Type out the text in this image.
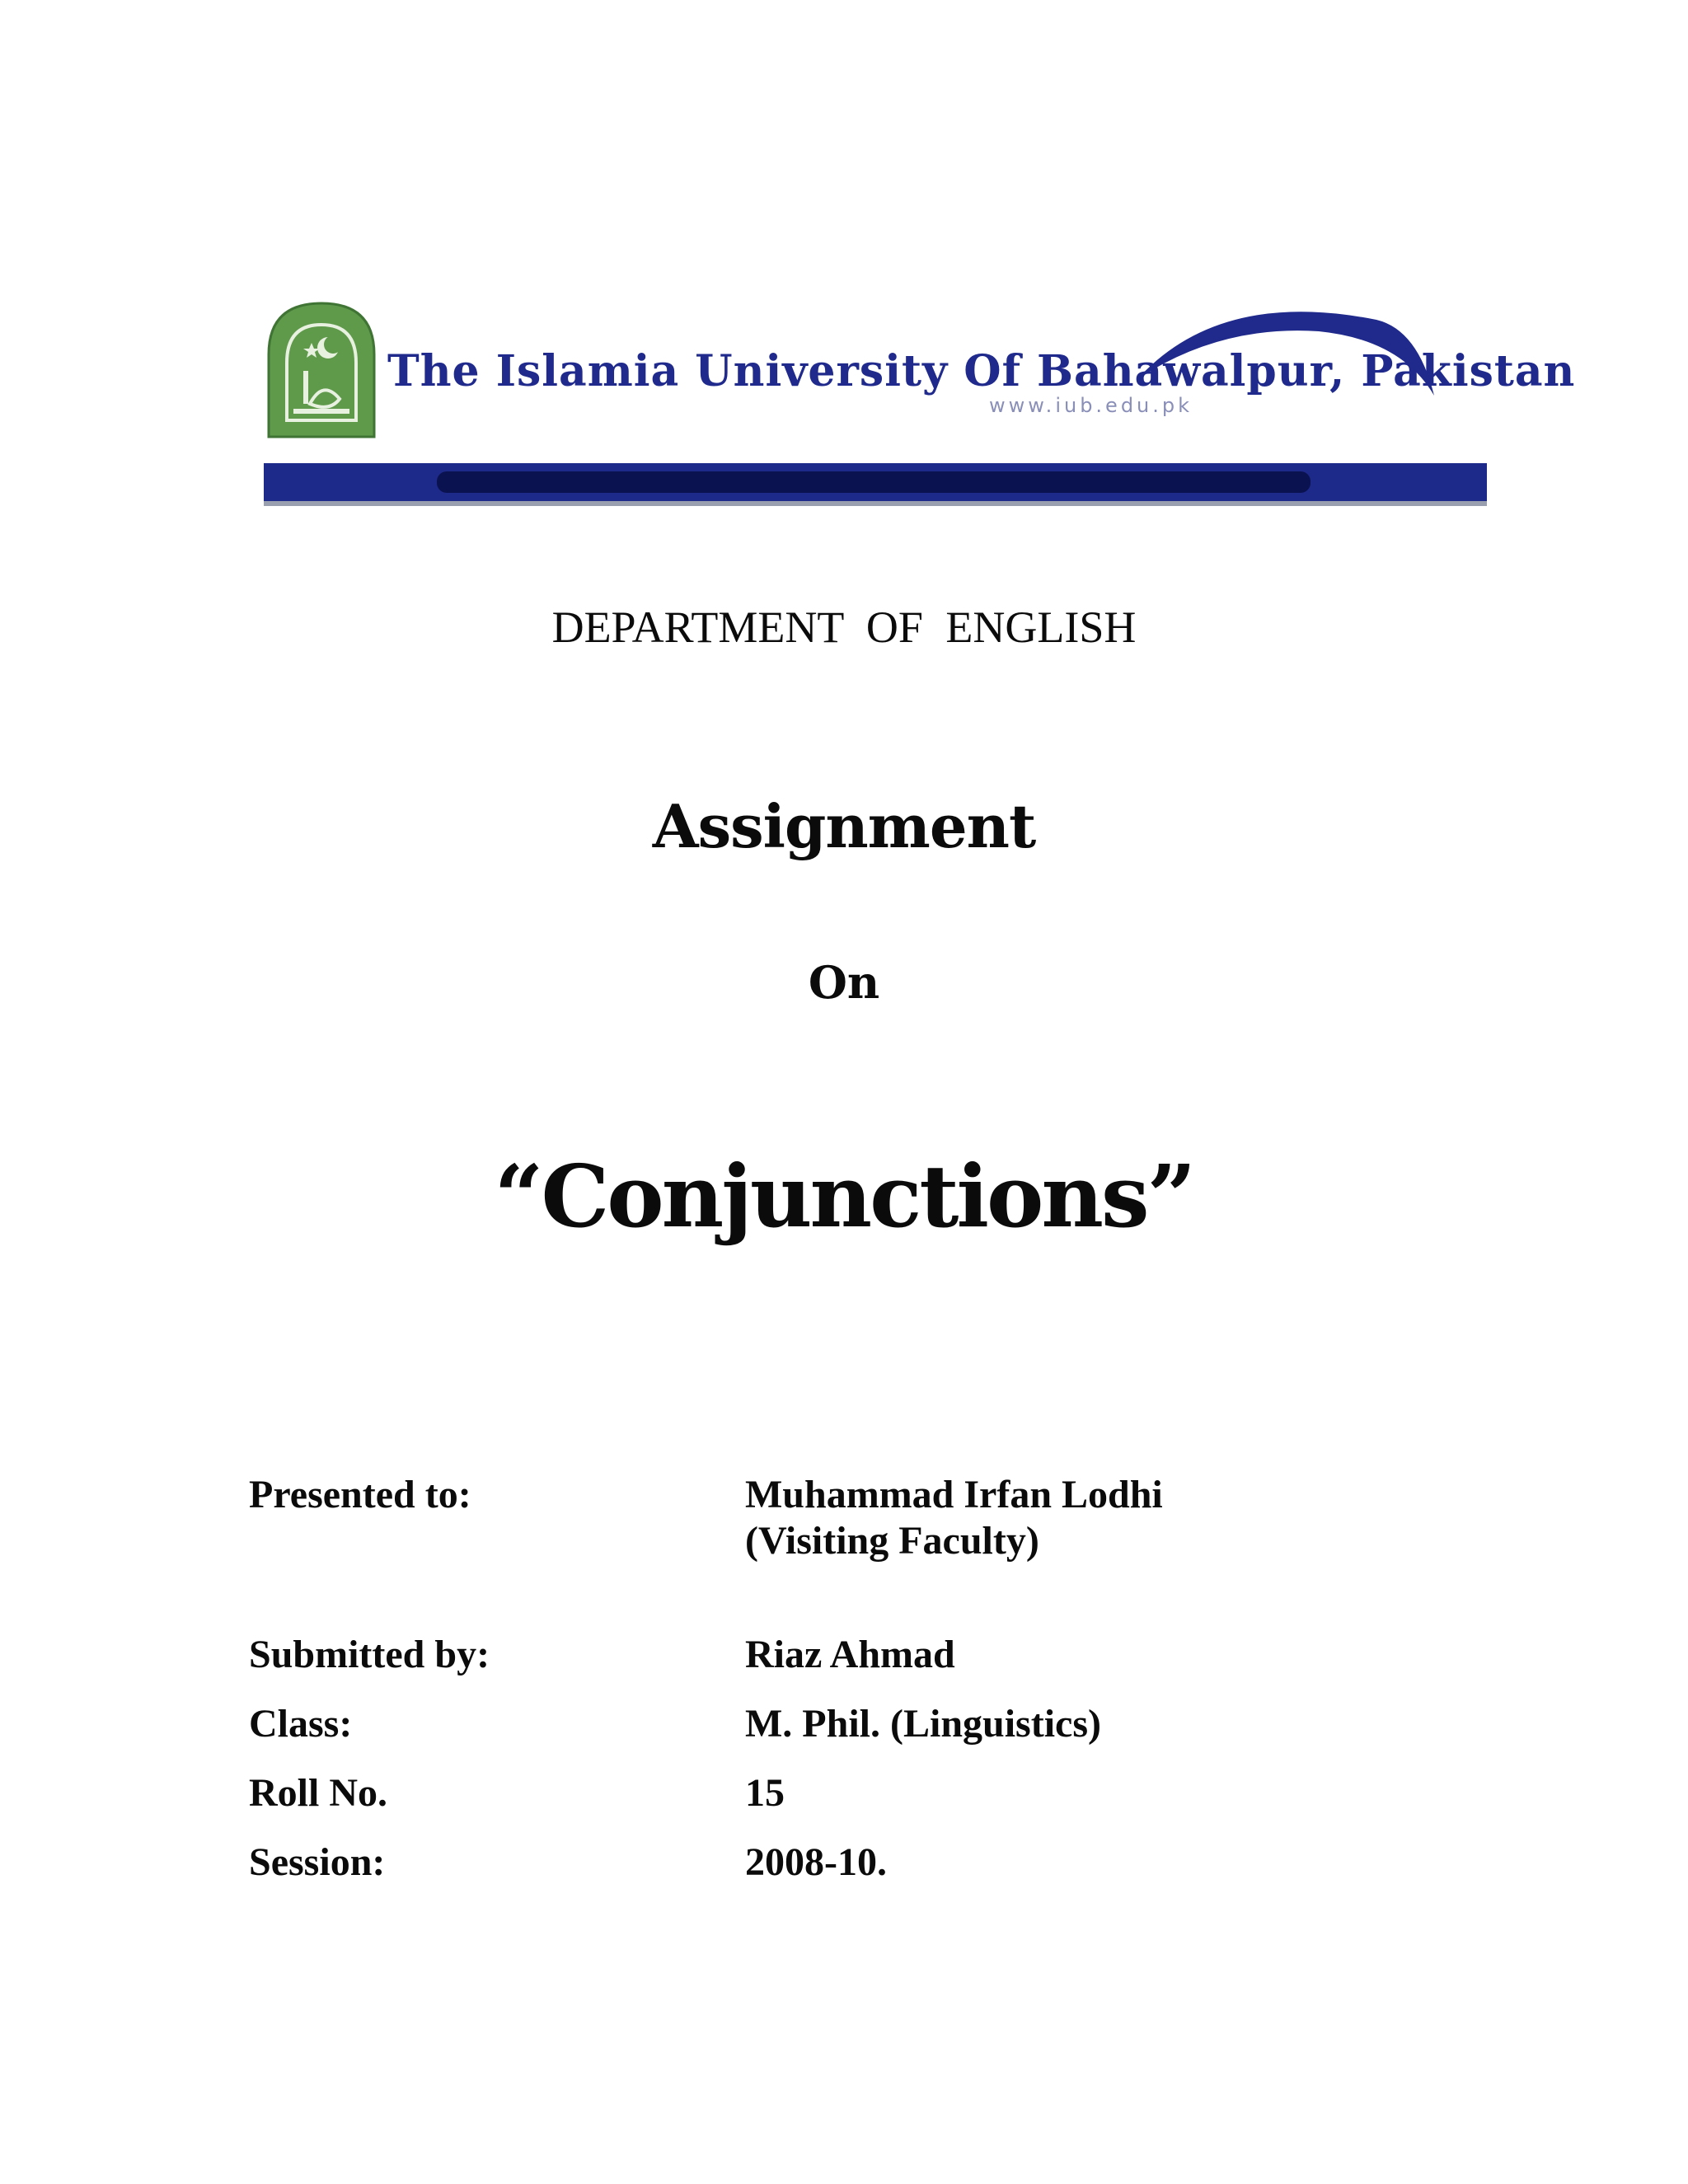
The Islamia University Of Bahawalpur, Pakistan
www.iub.edu.pk
DEPARTMENT OF ENGLISH
Assignment
On
“Conjunctions”
Presented to:	Muhammad Irfan Lodhi
(Visiting Faculty)
Submitted by:	Riaz Ahmad
Class:	M. Phil. (Linguistics)
Roll No.	15
Session:	2008-10.
